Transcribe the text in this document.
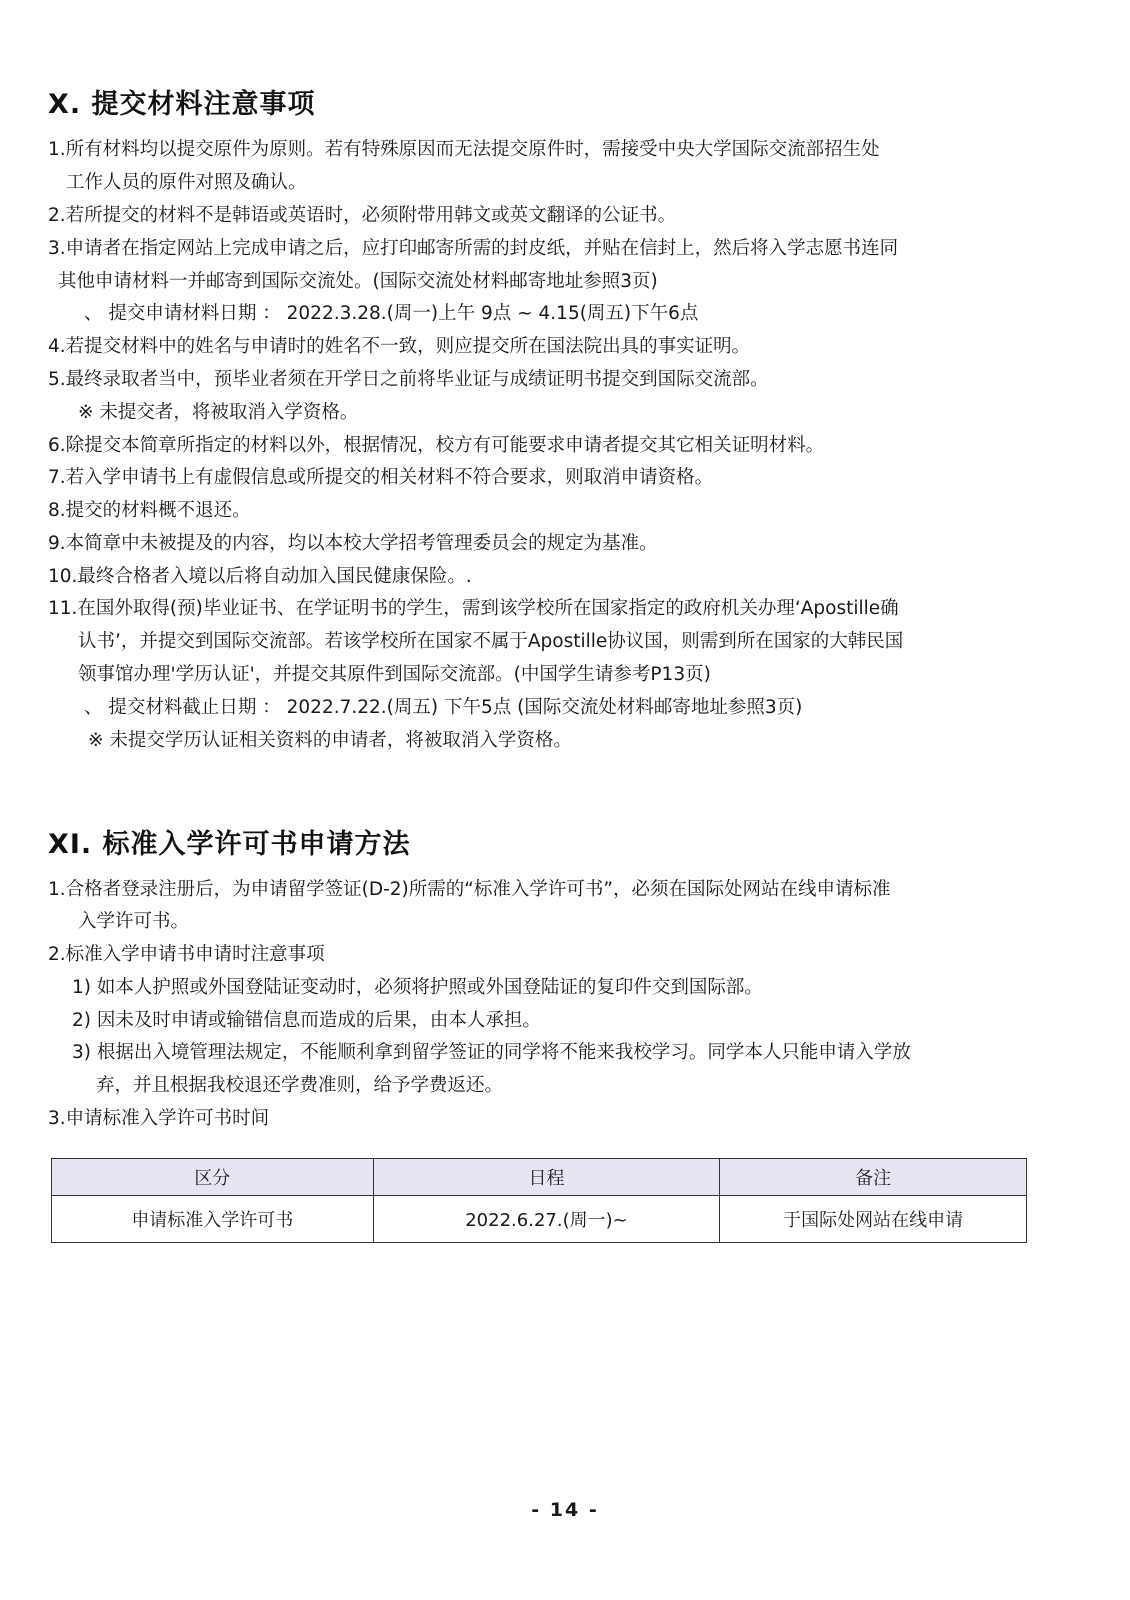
X. 提交材料注意事项
1.所有材料均以提交原件为原则。若有特殊原因而无法提交原件时，需接受中央大学国际交流部招生处
工作人员的原件对照及确认。
2.若所提交的材料不是韩语或英语时，必须附带用韩文或英文翻译的公证书。
3.申请者在指定网站上完成申请之后，应打印邮寄所需的封皮纸，并贴在信封上，然后将入学志愿书连同
其他申请材料一并邮寄到国际交流处。(国际交流处材料邮寄地址参照3页)
、 提交申请材料日期 ： 2022.3.28.(周一)上午 9点 ~ 4.15(周五)下午6点
4.若提交材料中的姓名与申请时的姓名不一致，则应提交所在国法院出具的事实证明。
5.最终录取者当中，预毕业者须在开学日之前将毕业证与成绩证明书提交到国际交流部。
※ 未提交者，将被取消入学资格。
6.除提交本简章所指定的材料以外，根据情况，校方有可能要求申请者提交其它相关证明材料。
7.若入学申请书上有虚假信息或所提交的相关材料不符合要求，则取消申请资格。
8.提交的材料概不退还。
9.本简章中未被提及的内容，均以本校大学招考管理委员会的规定为基准。
10.最终合格者入境以后将自动加入国民健康保险。.
11.在国外取得(预)毕业证书、在学证明书的学生，需到该学校所在国家指定的政府机关办理‘Apostille确
认书’，并提交到国际交流部。若该学校所在国家不属于Apostille协议国，则需到所在国家的大韩民国
领事馆办理'学历认证'，并提交其原件到国际交流部。(中国学生请参考P13页)
、 提交材料截止日期 ： 2022.7.22.(周五) 下午5点 (国际交流处材料邮寄地址参照3页)
※ 未提交学历认证相关资料的申请者，将被取消入学资格。
XI. 标准入学许可书申请方法
1.合格者登录注册后，为申请留学签证(D-2)所需的“标准入学许可书”，必须在国际处网站在线申请标准
入学许可书。
2.标准入学申请书申请时注意事项
1) 如本人护照或外国登陆证变动时，必须将护照或外国登陆证的复印件交到国际部。
2) 因未及时申请或输错信息而造成的后果，由本人承担。
3) 根据出入境管理法规定，不能顺利拿到留学签证的同学将不能来我校学习。同学本人只能申请入学放
弃，并且根据我校退还学费准则，给予学费返还。
3.申请标准入学许可书时间
区分	日程	备注
申请标准入学许可书	2022.6.27.(周一)~	于国际处网站在线申请
- 14 -
